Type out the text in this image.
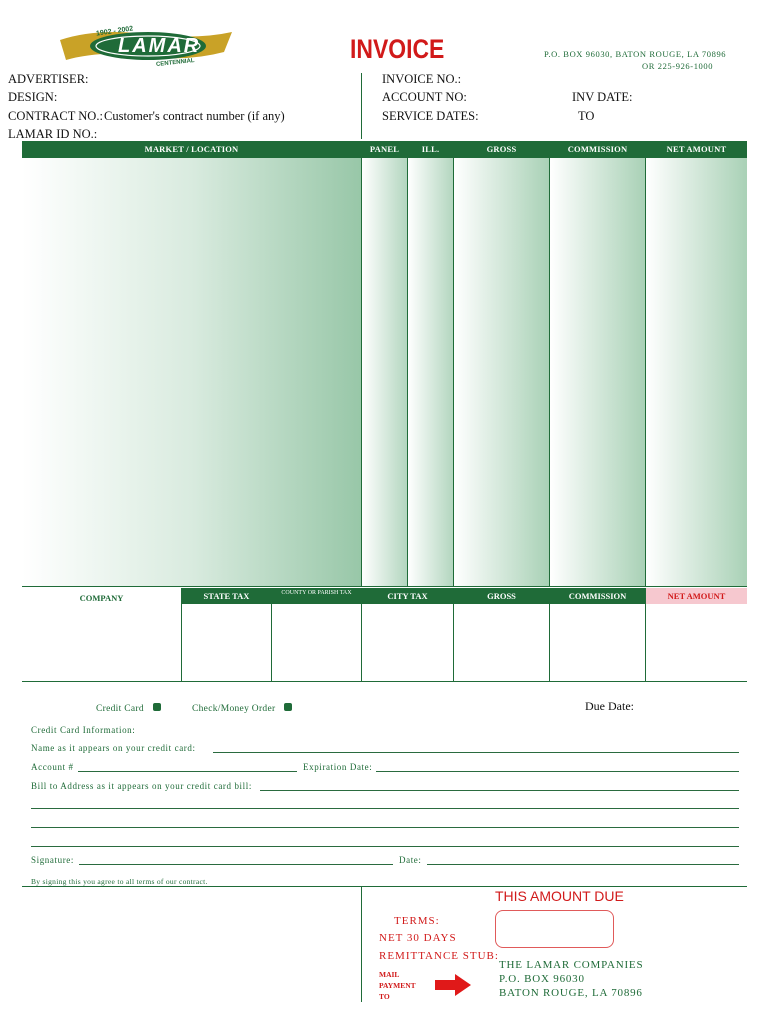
1902 - 2002
LAMAR
CENTENNIAL	INVOICE	P.O. BOX 96030, BATON ROUGE, LA 70896
OR 225-926-1000
ADVERTISER:
DESIGN:
CONTRACT NO.: Customer's contract number (if any)
LAMAR ID NO.:
INVOICE NO.:
ACCOUNT NO:	INV DATE:
SERVICE DATES:	TO
MARKET / LOCATION	PANEL	ILL.	GROSS	COMMISSION	NET AMOUNT
COMPANY	STATE TAX	COUNTY OR PARISH TAX	CITY TAX	GROSS	COMMISSION	NET AMOUNT
Credit Card	Check/Money Order	Due Date:
Credit Card Information:
Name as it appears on your credit card:
Account #	Expiration Date:
Bill to Address as it appears on your credit card bill:
Signature:	Date:
By signing this you agree to all terms of our contract.
THIS AMOUNT DUE
TERMS:
NET 30 DAYS
REMITTANCE STUB:
MAIL
PAYMENT
TO
THE LAMAR COMPANIES
P.O. BOX 96030
BATON ROUGE, LA 70896
